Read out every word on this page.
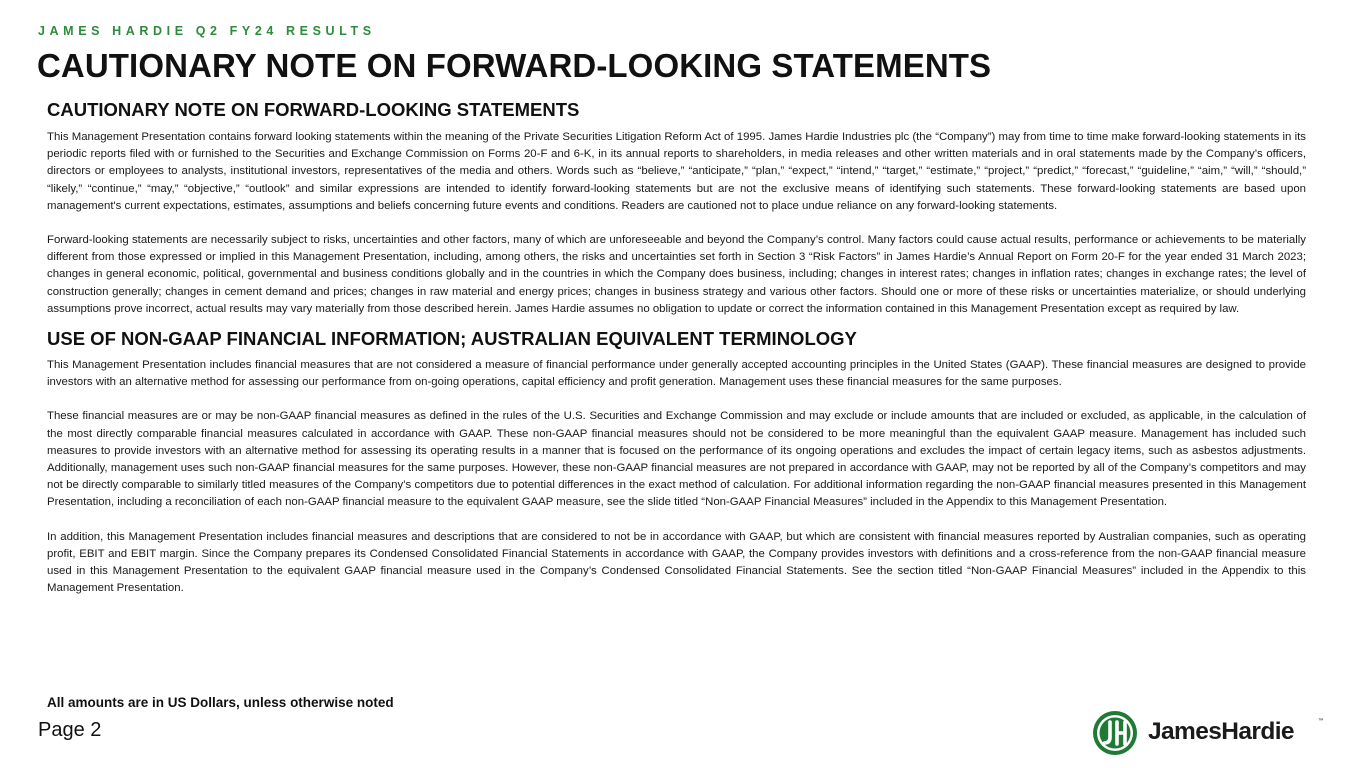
JAMES HARDIE Q2 FY24 RESULTS
CAUTIONARY NOTE ON FORWARD-LOOKING STATEMENTS
CAUTIONARY NOTE ON FORWARD-LOOKING STATEMENTS

This Management Presentation contains forward looking statements within the meaning of the Private Securities Litigation Reform Act of 1995. James Hardie Industries plc (the “Company”) may from time to time make forward-looking statements in its periodic reports filed with or furnished to the Securities and Exchange Commission on Forms 20-F and 6-K, in its annual reports to shareholders, in media releases and other written materials and in oral statements made by the Company’s officers, directors or employees to analysts, institutional investors, representatives of the media and others. Words such as “believe,” “anticipate,” “plan,” “expect,” “intend,” “target,” “estimate,” “project,” “predict,” “forecast,” “guideline,” “aim,” “will,” “should,” “likely,” “continue,” “may,” “objective,” “outlook” and similar expressions are intended to identify forward-looking statements but are not the exclusive means of identifying such statements. These forward-looking statements are based upon management's current expectations, estimates, assumptions and beliefs concerning future events and conditions. Readers are cautioned not to place undue reliance on any forward-looking statements.

Forward-looking statements are necessarily subject to risks, uncertainties and other factors, many of which are unforeseeable and beyond the Company’s control. Many factors could cause actual results, performance or achievements to be materially different from those expressed or implied in this Management Presentation, including, among others, the risks and uncertainties set forth in Section 3 “Risk Factors” in James Hardie’s Annual Report on Form 20-F for the year ended 31 March 2023; changes in general economic, political, governmental and business conditions globally and in the countries in which the Company does business, including; changes in interest rates; changes in inflation rates; changes in exchange rates; the level of construction generally; changes in cement demand and prices; changes in raw material and energy prices; changes in business strategy and various other factors. Should one or more of these risks or uncertainties materialize, or should underlying assumptions prove incorrect, actual results may vary materially from those described herein. James Hardie assumes no obligation to update or correct the information contained in this Management Presentation except as required by law.

USE OF NON-GAAP FINANCIAL INFORMATION; AUSTRALIAN EQUIVALENT TERMINOLOGY

This Management Presentation includes financial measures that are not considered a measure of financial performance under generally accepted accounting principles in the United States (GAAP). These financial measures are designed to provide investors with an alternative method for assessing our performance from on-going operations, capital efficiency and profit generation. Management uses these financial measures for the same purposes.

These financial measures are or may be non-GAAP financial measures as defined in the rules of the U.S. Securities and Exchange Commission and may exclude or include amounts that are included or excluded, as applicable, in the calculation of the most directly comparable financial measures calculated in accordance with GAAP. These non-GAAP financial measures should not be considered to be more meaningful than the equivalent GAAP measure. Management has included such measures to provide investors with an alternative method for assessing its operating results in a manner that is focused on the performance of its ongoing operations and excludes the impact of certain legacy items, such as asbestos adjustments. Additionally, management uses such non-GAAP financial measures for the same purposes. However, these non-GAAP financial measures are not prepared in accordance with GAAP, may not be reported by all of the Company’s competitors and may not be directly comparable to similarly titled measures of the Company’s competitors due to potential differences in the exact method of calculation. For additional information regarding the non-GAAP financial measures presented in this Management Presentation, including a reconciliation of each non-GAAP financial measure to the equivalent GAAP measure, see the slide titled “Non-GAAP Financial Measures” included in the Appendix to this Management Presentation.

In addition, this Management Presentation includes financial measures and descriptions that are considered to not be in accordance with GAAP, but which are consistent with financial measures reported by Australian companies, such as operating profit, EBIT and EBIT margin. Since the Company prepares its Condensed Consolidated Financial Statements in accordance with GAAP, the Company provides investors with definitions and a cross-reference from the non-GAAP financial measure used in this Management Presentation to the equivalent GAAP financial measure used in the Company’s Condensed Consolidated Financial Statements. See the section titled “Non-GAAP Financial Measures” included in the Appendix to this Management Presentation.

All amounts are in US Dollars, unless otherwise noted
Page 2	JamesHardie	™
